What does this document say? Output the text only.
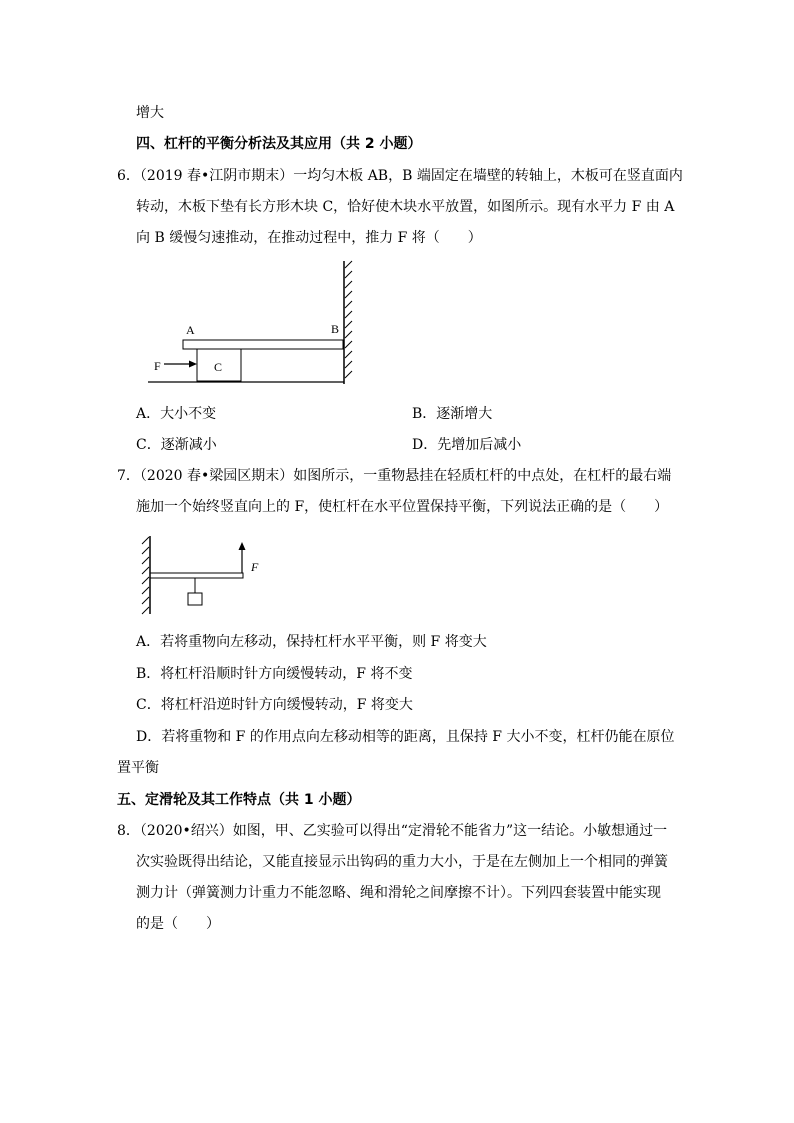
增大
四、杠杆的平衡分析法及其应用（共 2 小题）
6．（2019 春•江阴市期末）一均匀木板 AB，B 端固定在墙壁的转轴上，木板可在竖直面内
转动，木板下垫有长方形木块 C，恰好使木块水平放置，如图所示。现有水平力 F 由 A
向 B 缓慢匀速推动，在推动过程中，推力 F 将（　　）
A	B
C
F
A．大小不变	B．逐渐增大
C．逐渐减小	D．先增加后减小
7．（2020 春•梁园区期末）如图所示，一重物悬挂在轻质杠杆的中点处，在杠杆的最右端
施加一个始终竖直向上的 F，使杠杆在水平位置保持平衡，下列说法正确的是（　　）
F
A．若将重物向左移动，保持杠杆水平平衡，则 F 将变大
B．将杠杆沿顺时针方向缓慢转动，F 将不变
C．将杠杆沿逆时针方向缓慢转动，F 将变大
D．若将重物和 F 的作用点向左移动相等的距离，且保持 F 大小不变，杠杆仍能在原位
置平衡
五、定滑轮及其工作特点（共 1 小题）
8．（2020•绍兴）如图，甲、乙实验可以得出“定滑轮不能省力”这一结论。小敏想通过一
次实验既得出结论，又能直接显示出钩码的重力大小，于是在左侧加上一个相同的弹簧
测力计（弹簧测力计重力不能忽略、绳和滑轮之间摩擦不计）。下列四套装置中能实现
的是（　　）
